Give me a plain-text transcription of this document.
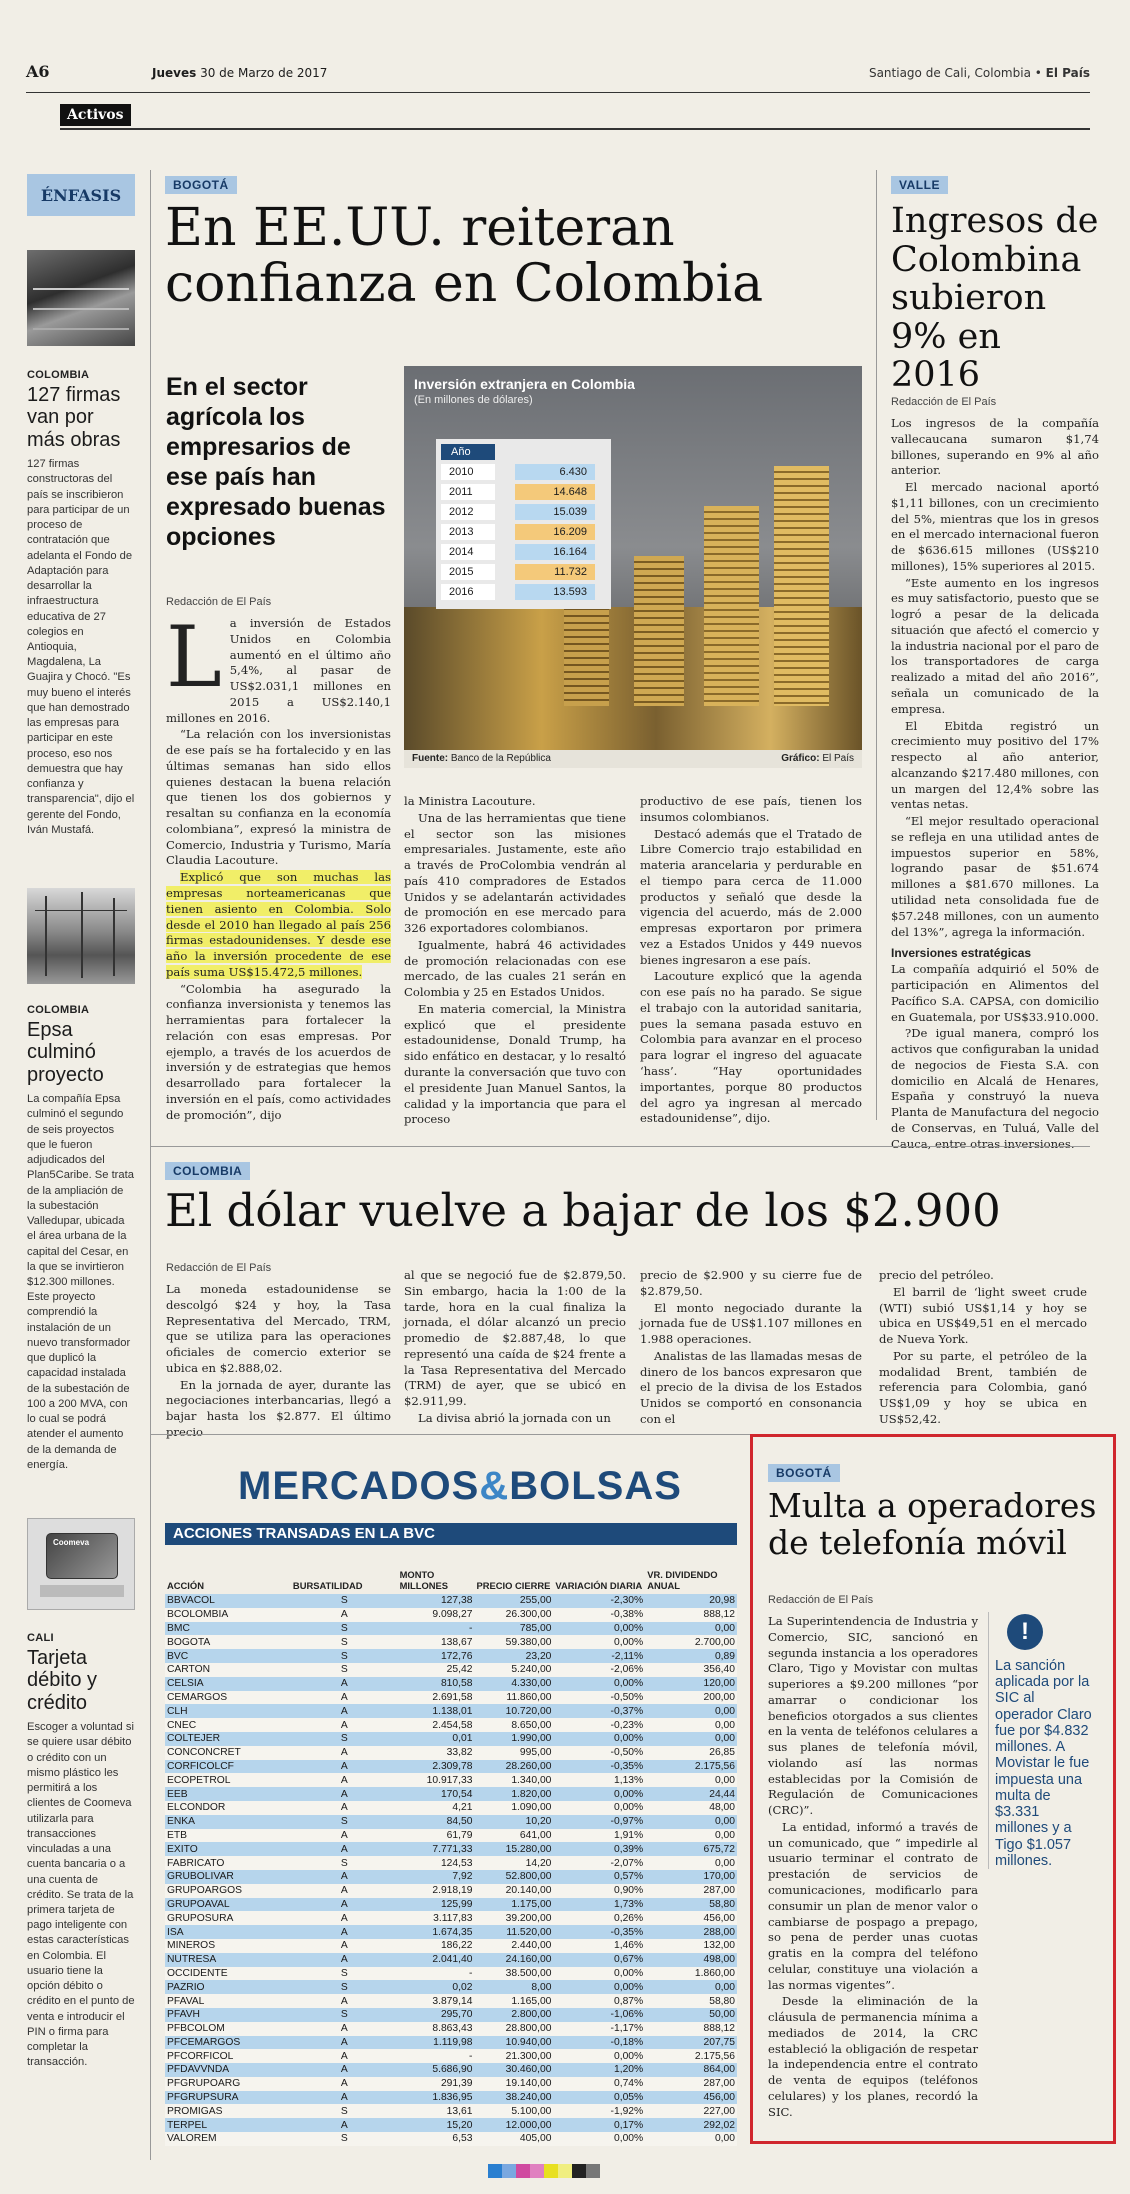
A6	Jueves 30 de Marzo de 2017	Santiago de Cali, Colombia • El País
Activos
ÉNFASIS
COLOMBIA
127 firmas van por más obras
127 firmas constructoras del país se inscribieron para participar de un proceso de contratación que adelanta el Fondo de Adaptación para desarrollar la infraestructura educativa de 27 colegios en Antioquia, Magdalena, La Guajira y Chocó. "Es muy bueno el interés que han demostrado las empresas para participar en este proceso, eso nos demuestra que hay confianza y transparencia", dijo el gerente del Fondo, Iván Mustafá.
COLOMBIA
Epsa culminó proyecto
La compañía Epsa culminó el segundo de seis proyectos que le fueron adjudicados del Plan5Caribe. Se trata de la ampliación de la subestación Valledupar, ubicada el área urbana de la capital del Cesar, en la que se invirtieron $12.300 millones. Este proyecto comprendió la instalación de un nuevo transformador que duplicó la capacidad instalada de la subestación de 100 a 200 MVA, con lo cual se podrá atender el aumento de la demanda de energía.
Coomeva
CALI
Tarjeta débito y crédito
Escoger a voluntad si se quiere usar débito o crédito con un mismo plástico les permitirá a los clientes de Coomeva utilizarla para transacciones vinculadas a una cuenta bancaria o a una cuenta de crédito. Se trata de la primera tarjeta de pago inteligente con estas características en Colombia. El usuario tiene la opción débito o crédito en el punto de venta e introducir el PIN o firma para completar la transacción.
BOGOTÁ
En EE.UU. reiteran confianza en Colombia
En el sector agrícola los empresarios de ese país han expresado buenas opciones
Inversión extranjera en Colombia
(En millones de dólares)
Año
2010	6.430
2011	14.648
2012	15.039
2013	16.209
2014	16.164
2015	11.732
2016	13.593
Fuente: Banco de la República	Gráfico: El País
Redacción de El País
L a inversión de Estados Unidos en Colombia aumentó en el último año 5,4%, al pasar de US$2.031,1 millones en 2015 a US$2.140,1 millones en 2016.

“La relación con los inversionistas de ese país se ha fortalecido y en las últimas semanas han sido ellos quienes destacan la buena relación que tienen los dos gobiernos y resaltan su confianza en la economía colombiana”, expresó la ministra de Comercio, Industria y Turismo, María Claudia Lacouture.

Explicó que son muchas las empresas norteamericanas que tienen asiento en Colombia. Solo desde el 2010 han llegado al país 256 firmas estadounidenses. Y desde ese año la inversión procedente de ese país suma US$15.472,5 millones.

“Colombia ha asegurado la confianza inversionista y tenemos las herramientas para fortalecer la relación con esas empresas. Por ejemplo, a través de los acuerdos de inversión y de estrategias que hemos desarrollado para fortalecer la inversión en el país, como actividades de promoción”, dijo

la Ministra Lacouture.

Una de las herramientas que tiene el sector son las misiones empresariales. Justamente, este año a través de ProColombia vendrán al país 410 compradores de Estados Unidos y se adelantarán actividades de promoción en ese mercado para 326 exportadores colombianos.

Igualmente, habrá 46 actividades de promoción relacionadas con ese mercado, de las cuales 21 serán en Colombia y 25 en Estados Unidos.

En materia comercial, la Ministra explicó que el presidente estadounidense, Donald Trump, ha sido enfático en destacar, y lo resaltó durante la conversación que tuvo con el presidente Juan Manuel Santos, la calidad y la importancia que para el proceso

productivo de ese país, tienen los insumos colombianos.

Destacó además que el Tratado de Libre Comercio trajo estabilidad en materia arancelaria y perdurable en el tiempo para cerca de 11.000 productos y señaló que desde la vigencia del acuerdo, más de 2.000 empresas exportaron por primera vez a Estados Unidos y 449 nuevos bienes ingresaron a ese país.

Lacouture explicó que la agenda con ese país no ha parado. Se sigue el trabajo con la autoridad sanitaria, pues la semana pasada estuvo en Colombia para avanzar en el proceso para lograr el ingreso del aguacate ‘hass’. “Hay oportunidades importantes, porque 80 productos del agro ya ingresan al mercado estadounidense”, dijo.

VALLE
Ingresos de Colombina subieron 9% en 2016
Redacción de El País

Los ingresos de la compañía vallecaucana sumaron $1,74 billones, superando en 9% al año anterior.

El mercado nacional aportó $1,11 billones, con un crecimiento del 5%, mientras que los in gresos en el mercado internacional fueron de $636.615 millones (US$210 millones), 15% superiores al 2015.

“Este aumento en los ingresos es muy satisfactorio, puesto que se logró a pesar de la delicada situación que afectó el comercio y la industria nacional por el paro de los transportadores de carga realizado a mitad del año 2016”, señala un comunicado de la empresa.

El Ebitda registró un crecimiento muy positivo del 17% respecto al año anterior, alcanzando $217.480 millones, con un margen del 12,4% sobre las ventas netas.

“El mejor resultado operacional se refleja en una utilidad antes de impuestos superior en 58%, logrando pasar de $51.674 millones a $81.670 millones. La utilidad neta consolidada fue de $57.248 millones, con un aumento del 13%”, agrega la información.

Inversiones estratégicas

La compañía adquirió el 50% de participación en Alimentos del Pacífico S.A. CAPSA, con domicilio en Guatemala, por US$33.910.000.

?De igual manera, compró los activos que configuraban la unidad de negocios de Fiesta S.A. con domicilio en Alcalá de Henares, España y construyó la nueva Planta de Manufactura del negocio de Conservas, en Tuluá, Valle del Cauca, entre otras inversiones.

COLOMBIA
El dólar vuelve a bajar de los $2.900
Redacción de El País

La moneda estadounidense se descolgó $24 y hoy, la Tasa Representativa del Mercado, TRM, que se utiliza para las operaciones oficiales de comercio exterior se ubica en $2.888,02.

En la jornada de ayer, durante las negociaciones interbancarias, llegó a bajar hasta los $2.877. El último precio

al que se negoció fue de $2.879,50. Sin embargo, hacia la 1:00 de la tarde, hora en la cual finaliza la jornada, el dólar alcanzó un precio promedio de $2.887,48, lo que representó una caída de $24 frente a la Tasa Representativa del Mercado (TRM) de ayer, que se ubicó en $2.911,99.

La divisa abrió la jornada con un

precio de $2.900 y su cierre fue de $2.879,50.

El monto negociado durante la jornada fue de US$1.107 millones en 1.988 operaciones.

Analistas de las llamadas mesas de dinero de los bancos expresaron que el precio de la divisa de los Estados Unidos se comportó en consonancia con el

precio del petróleo.

El barril de ‘light sweet crude (WTI) subió US$1,14 y hoy se ubica en US$49,51 en el mercado de Nueva York.

Por su parte, el petróleo de la modalidad Brent, también de referencia para Colombia, ganó US$1,09 y hoy se ubica en US$52,42.

MERCADOS&BOLSAS
ACCIONES TRANSADAS EN LA BVC
ACCIÓN	BURSATILIDAD	MONTO MILLONES	PRECIO CIERRE	VARIACIÓN DIARIA	VR. DIVIDENDO ANUAL
BBVACOL	S	127,38	255,00	-2,30%	20,98
BCOLOMBIA	A	9.098,27	26.300,00	-0,38%	888,12
BMC	S	-	785,00	0,00%	0,00
BOGOTA	S	138,67	59.380,00	0,00%	2.700,00
BVC	S	172,76	23,20	-2,11%	0,89
CARTON	S	25,42	5.240,00	-2,06%	356,40
CELSIA	A	810,58	4.330,00	0,00%	120,00
CEMARGOS	A	2.691,58	11.860,00	-0,50%	200,00
CLH	A	1.138,01	10.720,00	-0,37%	0,00
CNEC	A	2.454,58	8.650,00	-0,23%	0,00
COLTEJER	S	0,01	1.990,00	0,00%	0,00
CONCONCRET	A	33,82	995,00	-0,50%	26,85
CORFICOLCF	A	2.309,78	28.260,00	-0,35%	2.175,56
ECOPETROL	A	10.917,33	1.340,00	1,13%	0,00
EEB	A	170,54	1.820,00	0,00%	24,44
ELCONDOR	A	4,21	1.090,00	0,00%	48,00
ENKA	S	84,50	10,20	-0,97%	0,00
ETB	A	61,79	641,00	1,91%	0,00
EXITO	A	7.771,33	15.280,00	0,39%	675,72
FABRICATO	S	124,53	14,20	-2,07%	0,00
GRUBOLIVAR	A	7,92	52.800,00	0,57%	170,00
GRUPOARGOS	A	2.918,19	20.140,00	0,90%	287,00
GRUPOAVAL	A	125,99	1.175,00	1,73%	58,80
GRUPOSURA	A	3.117,83	39.200,00	0,26%	456,00
ISA	A	1.674,35	11.520,00	-0,35%	288,00
MINEROS	A	186,22	2.440,00	1,46%	132,00
NUTRESA	A	2.041,40	24.160,00	0,67%	498,00
OCCIDENTE	S	-	38.500,00	0,00%	1.860,00
PAZRIO	S	0,02	8,00	0,00%	0,00
PFAVAL	A	3.879,14	1.165,00	0,87%	58,80
PFAVH	S	295,70	2.800,00	-1,06%	50,00
PFBCOLOM	A	8.863,43	28.800,00	-1,17%	888,12
PFCEMARGOS	A	1.119,98	10.940,00	-0,18%	207,75
PFCORFICOL	A	-	21.300,00	0,00%	2.175,56
PFDAVVNDA	A	5.686,90	30.460,00	1,20%	864,00
PFGRUPOARG	A	291,39	19.140,00	0,74%	287,00
PFGRUPSURA	A	1.836,95	38.240,00	0,05%	456,00
PROMIGAS	S	13,61	5.100,00	-1,92%	227,00
TERPEL	A	15,20	12.000,00	0,17%	292,02
VALOREM	S	6,53	405,00	0,00%	0,00
BOGOTÁ
Multa a operadores de telefonía móvil
Redacción de El País

La Superintendencia de Industria y Comercio, SIC, sancionó en segunda instancia a los operadores Claro, Tigo y Movistar con multas superiores a $9.200 millones “por amarrar o condicionar los beneficios otorgados a sus clientes en la venta de teléfonos celulares a sus planes de telefonía móvil, violando así las normas establecidas por la Comisión de Regulación de Comunicaciones (CRC)”.

La entidad, informó a través de un comunicado, que “ impedirle al usuario terminar el contrato de prestación de servicios de comunicaciones, modificarlo para consumir un plan de menor valor o cambiarse de pospago a prepago, so pena de perder unas cuotas gratis en la compra del teléfono celular, constituye una violación a las normas vigentes”.

Desde la eliminación de la cláusula de permanencia mínima a mediados de 2014, la CRC estableció la obligación de respetar la independencia entre el contrato de venta de equipos (teléfonos celulares) y los planes, recordó la SIC.

!
La sanción aplicada por la SIC al operador Claro fue por $4.832 millones. A Movistar le fue impuesta una multa de $3.331 millones y a Tigo $1.057 millones.
